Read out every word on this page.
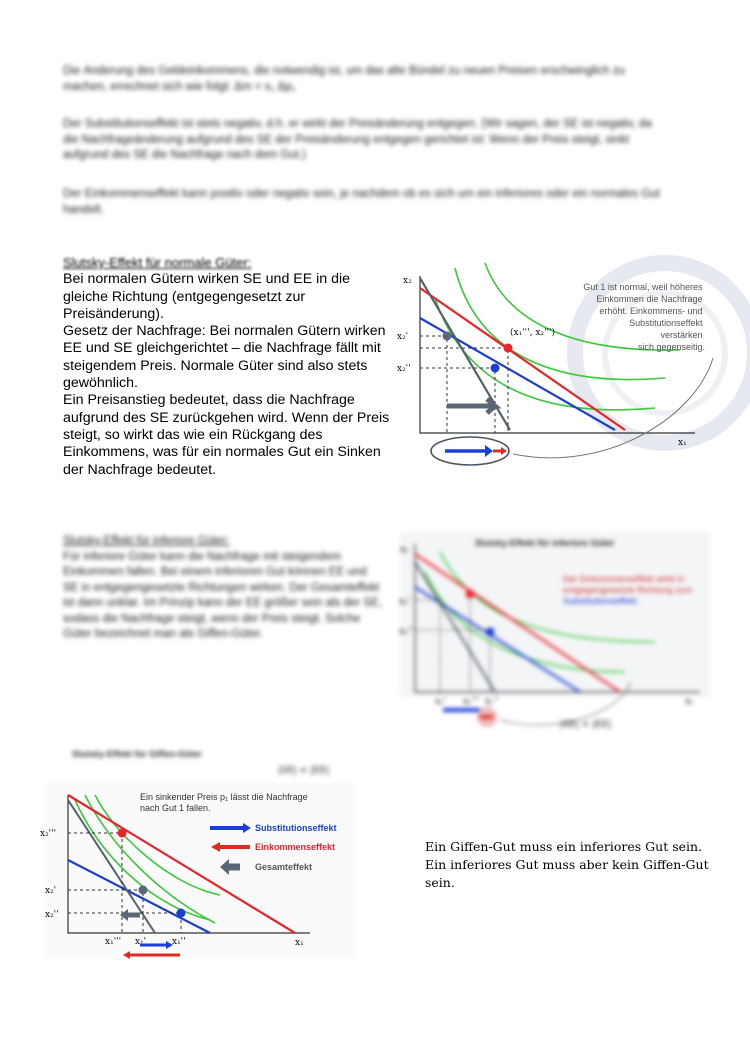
Die Änderung des Geldeinkommens, die notwendig ist, um das alte Bündel zu neuen Preisen erschwinglich zu machen, errechnet sich wie folgt: Δm = x₁ Δp₁
Der Substitutionseffekt ist stets negativ, d.h. er wirkt der Preisänderung entgegen. (Wir sagen, der SE ist negativ, da die Nachfrageänderung aufgrund des SE der Preisänderung entgegen gerichtet ist: Wenn der Preis steigt, sinkt aufgrund des SE die Nachfrage nach dem Gut.)
Der Einkommenseffekt kann positiv oder negativ sein, je nachdem ob es sich um ein inferiores oder ein normales Gut handelt.
Slutsky-Effekt für normale Güter:

Bei normalen Gütern wirken SE und EE in die gleiche Richtung (entgegengesetzt zur Preisänderung).

Gesetz der Nachfrage: Bei normalen Gütern wirken EE und SE gleichgerichtet – die Nachfrage fällt mit steigendem Preis. Normale Güter sind also stets gewöhnlich.

Ein Preisanstieg bedeutet, dass die Nachfrage aufgrund des SE zurückgehen wird. Wenn der Preis steigt, so wirkt das wie ein Rückgang des Einkommens, was für ein normales Gut ein Sinken der Nachfrage bedeutet.

x₂
x₁
x₂'
x₂''
(x₁''', x₂''')
Gut 1 ist normal, weil höheres Einkommen die Nachfrage erhöht. Einkommens- und Substitutionseffekt verstärken sich gegenseitig.
Slutsky-Effekt für inferiore Güter:
Für inferiore Güter kann die Nachfrage mit steigendem Einkommen fallen. Bei einem inferioren Gut können EE und SE in entgegengesetzte Richtungen wirken. Der Gesamteffekt ist dann unklar. Im Prinzip kann der EE größer sein als der SE, sodass die Nachfrage steigt, wenn der Preis steigt. Solche Güter bezeichnet man als Giffen-Güter.
Slutsky-Effekt für inferiore Güter
x₂
x₁
x₂'
x₂''
x₁' x₁''' x₁''
Der Einkommenseffekt wirkt in entgegengesetzte Richtung zum Substitutionseffekt.
|SE| > |EE|
Slutsky-Effekt für Giffen-Güter
|SE| < |EE|
x₁
x₂'''
x₂'
x₂''
x₁''' x₁'	x₁''
Ein sinkender Preis p₁ lässt die Nachfrage nach Gut 1 fallen.
Substitutionseffekt
Einkommenseffekt
Gesamteffekt
Ein Giffen-Gut muss ein inferiores Gut sein. Ein inferiores Gut muss aber kein Giffen-Gut sein.
